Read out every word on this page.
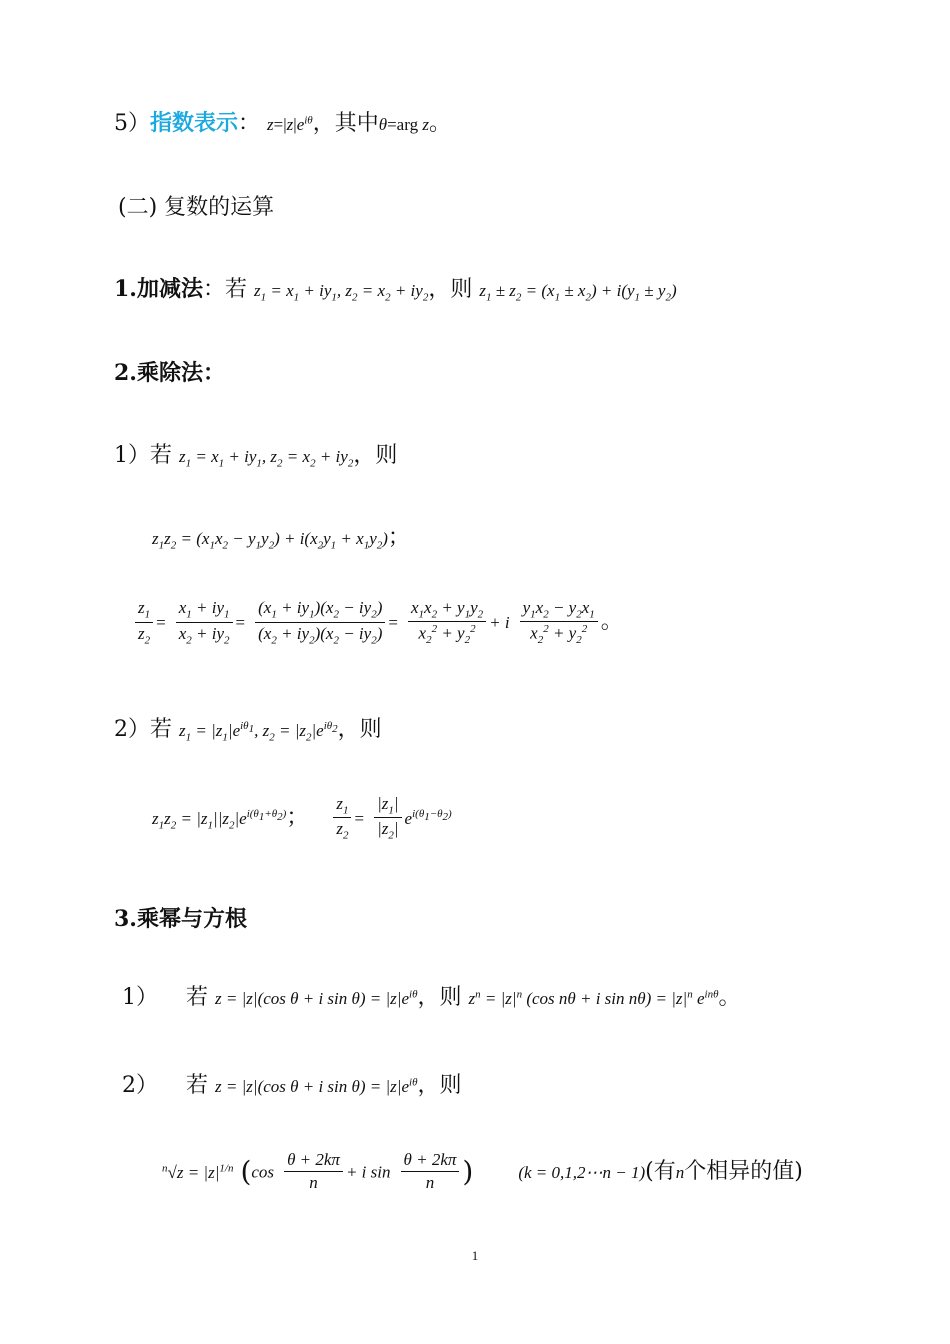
5）指数表示： $z=|z|e^{i\theta}$，其中θ=arg z。
(二) 复数的运算
1.加减法：若 $z_1 = x_1 + iy_1$, $z_2 = x_2 + iy_2$，则 $z_1 \pm z_2 = (x_1 \pm x_2) + i(y_1 \pm y_2)$
2.乘除法：
1）若 $z_1 = x_1 + iy_1$, $z_2 = x_2 + iy_2$，则
$z_1z_2 = (x_1x_2 - y_1y_2) + i(x_2y_1 + x_1y_2)$；
$\frac{z_1}{z_2} = \frac{x_1 + iy_1}{x_2 + iy_2} = \frac{(x_1 + iy_1)(x_2 - iy_2)}{(x_2 + iy_2)(x_2 - iy_2)} = \frac{x_1x_2 + y_1y_2}{x_2^2 + y_2^2} + i \frac{y_1x_2 - y_2x_1}{x_2^2 + y_2^2}$ 。
2）若 $z_1 = |z_1|e^{i\theta_1}$, $z_2 = |z_2|e^{i\theta_2}$，则
$z_1z_2 = |z_1||z_2|e^{i(\theta_1+\theta_2)}$； $\frac{z_1}{z_2} = \frac{|z_1|}{|z_2|} e^{i(\theta_1-\theta_2)}$
3.乘幂与方根
1） 若 z = |z|(cos θ + i $\sin \theta) = |z|e^{i\theta}$，则 $z^n = |z|^n$ (cos nθ + i $\sin n\theta) = |z|^n$ $e^{in\theta}$。
2） 若 z = |z|(cos θ + i $\sin \theta) = |z|e^{i\theta}$，则
$^n√z = |z|^{1/n}$ ($\cos \frac{\theta + 2k\pi}{n} + i$ $\sin \frac{\theta + 2k\pi}{n}$ )	(k = 0,1,2⋯n − 1)(有n个相异的值)
1
